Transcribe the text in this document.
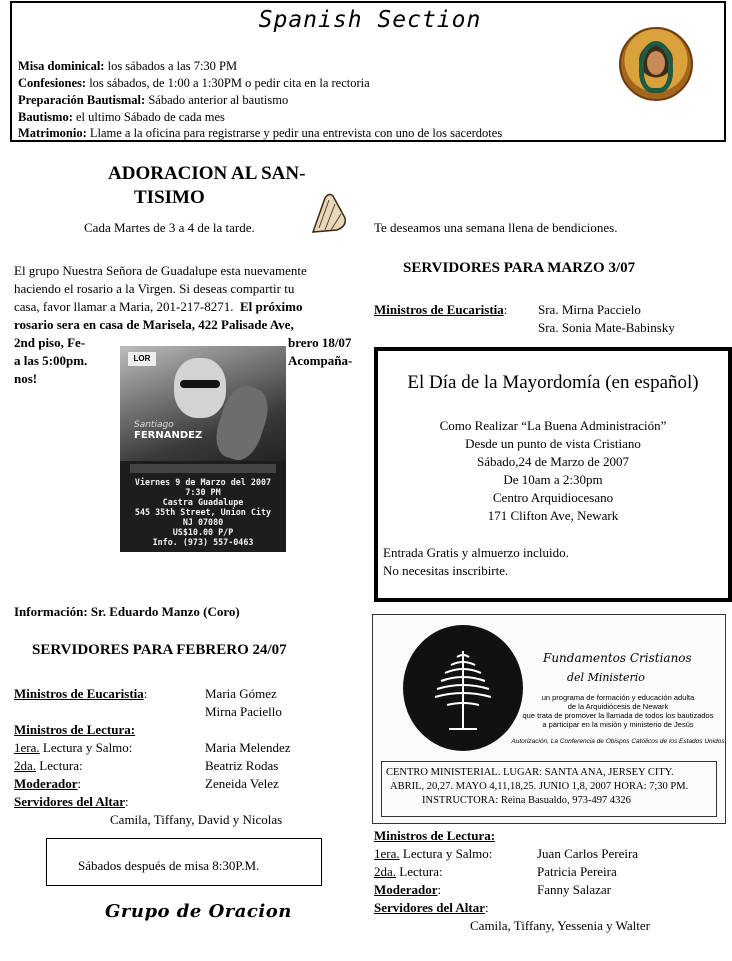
Spanish Section
Misa dominical: los sábados a las 7:30 PM
Confesiones: los sábados, de 1:00 a 1:30PM o pedir cita en la rectoria
Preparación Bautismal: Sábado anterior al bautismo
Bautismo: el ultimo Sábado de cada mes
Matrimonio: Llame a la oficina para registrarse y pedir una entrevista con uno de los sacerdotes
ADORACION AL SAN-
TISIMO
Cada Martes de 3 a 4 de la tarde.
El grupo Nuestra Señora de Guadalupe esta nuevamente
haciendo el rosario a la Virgen. Si deseas compartir tu
casa, favor llamar a Maria, 201-217-8271. El próximo
rosario sera en casa de Marisela, 422 Palisade Ave,
2nd piso, Fe-	brero 18/07
a las 5:00pm.	Acompaña-
nos!
LOR
Santiago
FERNANDEZ
Viernes 9 de Marzo del 2007
7:30 PM
Castra Guadalupe
545 35th Street, Union City
NJ 07080
US$10.00 P/P
Info. (973) 557-0463
Información: Sr. Eduardo Manzo (Coro)
SERVIDORES PARA FEBRERO 24/07
Ministros de Eucaristia:	Maria Gómez
Mirna Paciello
Ministros de Lectura:
1era. Lectura y Salmo:	Maria Melendez
2da. Lectura:	Beatriz Rodas
Moderador:	Zeneida Velez
Servidores del Altar:
Camila, Tiffany, David y Nicolas
Sábados después de misa 8:30P.M.
Grupo de Oracion
Te deseamos una semana llena de bendiciones.
SERVIDORES PARA MARZO 3/07
Ministros de Eucaristia: Sra. Mirna Paccielo
Sra. Sonia Mate-Babinsky
El Día de la Mayordomía (en español)
Como Realizar “La Buena Administración”
Desde un punto de vista Cristiano
Sábado,24 de Marzo de 2007
De 10am a 2:30pm
Centro Arquidiocesano
171 Clifton Ave, Newark
Entrada Gratis y almuerzo incluido.
No necesitas inscribirte.
Fundamentos Cristianos
del Ministerio
un programa de formación y educación adulta
de la Arquidiócesis de Newark
que trata de promover la llamada de todos los bautizados
a participar en la misión y ministerio de Jesús
Autorización, La Conferencia de Obispos Católicos de los Estados Unidos
CENTRO MINISTERIAL. LUGAR: SANTA ANA, JERSEY CITY.
ABRIL, 20,27. MAYO 4,11,18,25. JUNIO 1,8, 2007 HORA: 7;30 PM.
INSTRUCTORA: Reina Basualdo, 973-497 4326
Ministros de Lectura:
1era. Lectura y Salmo:	Juan Carlos Pereira
2da. Lectura:	Patricia Pereira
Moderador:	Fanny Salazar
Servidores del Altar:
Camila, Tiffany, Yessenia y Walter
